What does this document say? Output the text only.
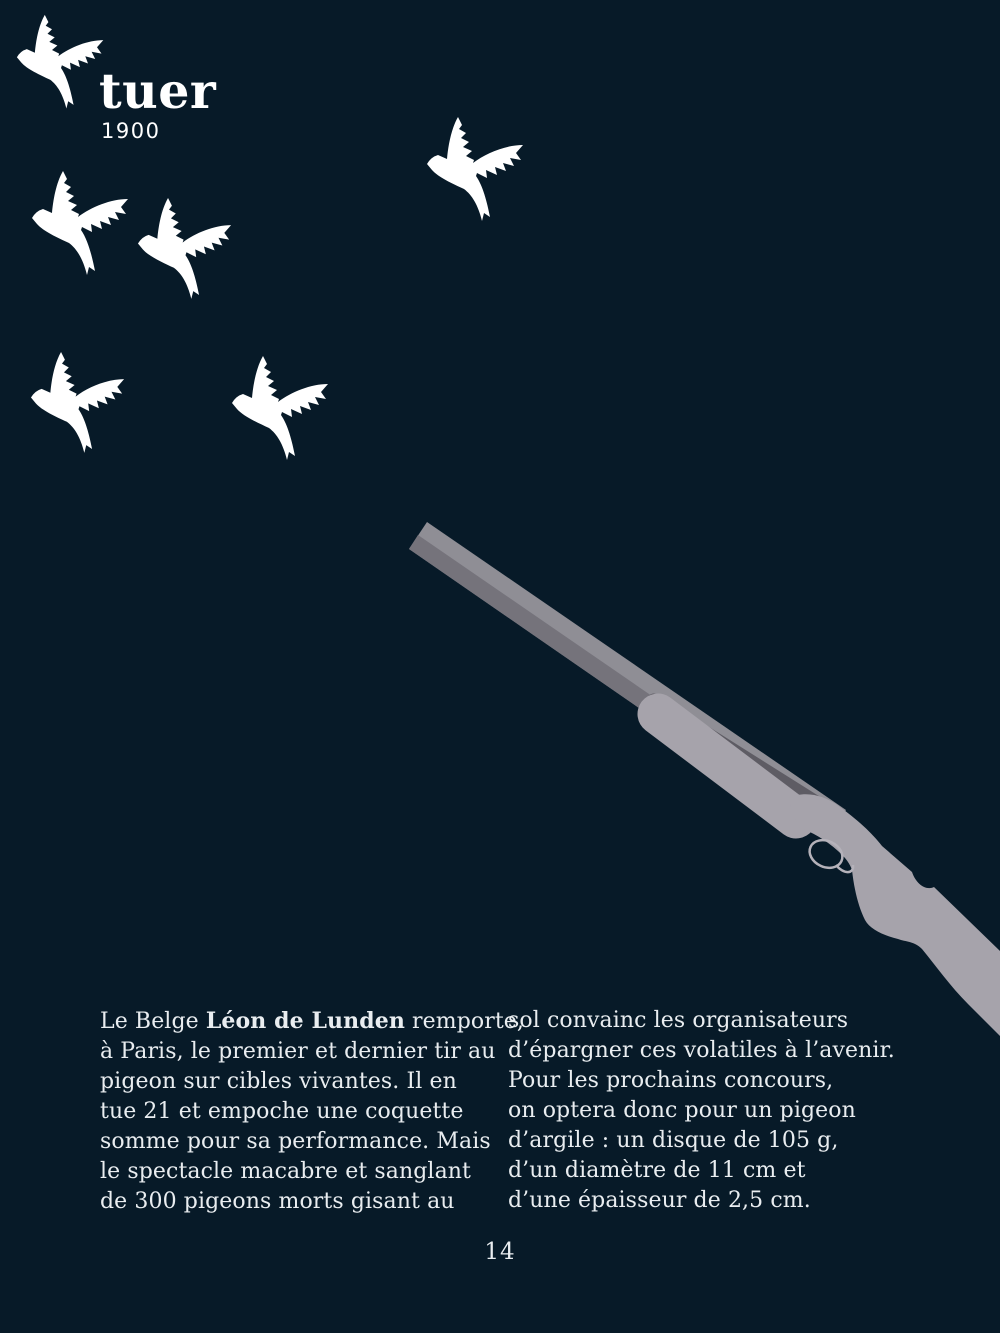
tuer
1900
Le Belge Léon de Lunden remporte,
à Paris, le premier et dernier tir au
pigeon sur cibles vivantes. Il en
tue 21 et empoche une coquette
somme pour sa performance. Mais
le spectacle macabre et sanglant
de 300 pigeons morts gisant au
sol convainc les organisateurs
d’épargner ces volatiles à l’avenir.
Pour les prochains concours,
on optera donc pour un pigeon
d’argile : un disque de 105 g,
d’un diamètre de 11 cm et
d’une épaisseur de 2,5 cm.
14
